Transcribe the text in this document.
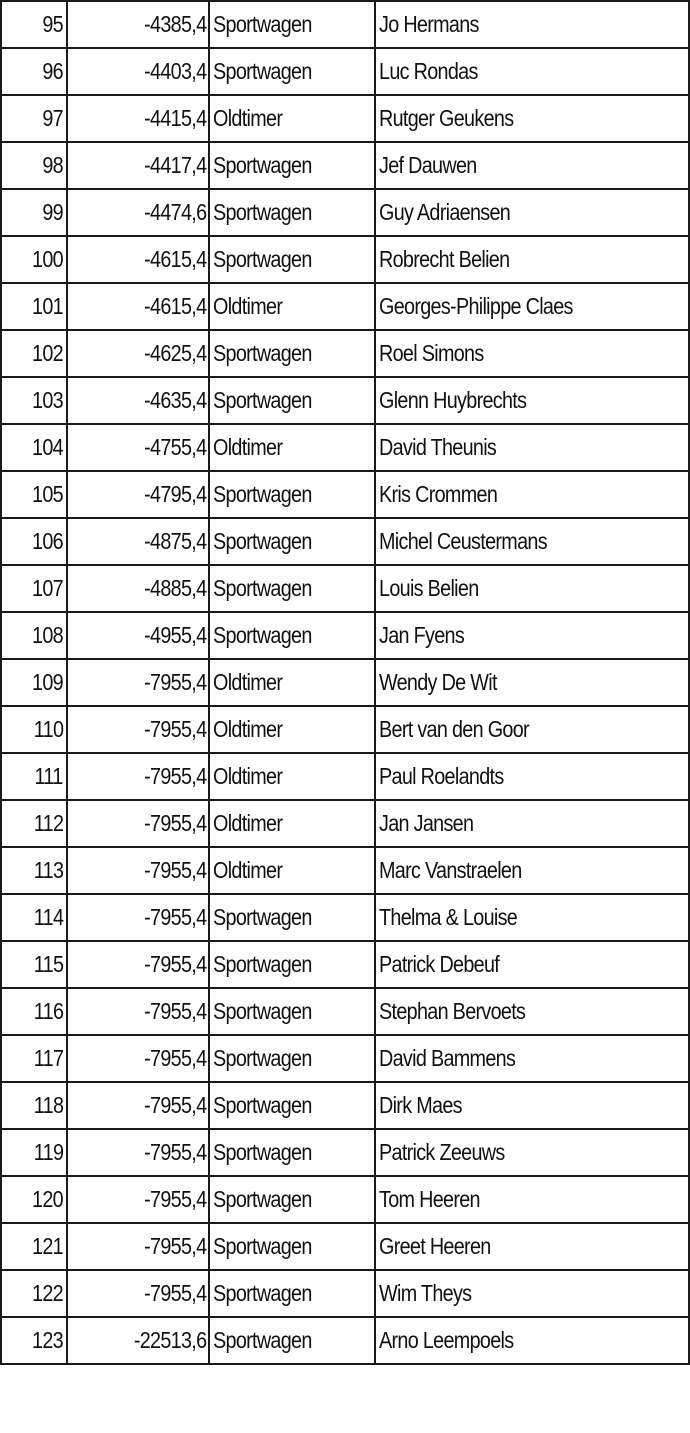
95	-4385,4	Sportwagen	Jo Hermans
96	-4403,4	Sportwagen	Luc Rondas
97	-4415,4	Oldtimer	Rutger Geukens
98	-4417,4	Sportwagen	Jef Dauwen
99	-4474,6	Sportwagen	Guy Adriaensen
100	-4615,4	Sportwagen	Robrecht Belien
101	-4615,4	Oldtimer	Georges-Philippe Claes
102	-4625,4	Sportwagen	Roel Simons
103	-4635,4	Sportwagen	Glenn Huybrechts
104	-4755,4	Oldtimer	David Theunis
105	-4795,4	Sportwagen	Kris Crommen
106	-4875,4	Sportwagen	Michel Ceustermans
107	-4885,4	Sportwagen	Louis Belien
108	-4955,4	Sportwagen	Jan Fyens
109	-7955,4	Oldtimer	Wendy De Wit
110	-7955,4	Oldtimer	Bert van den Goor
111	-7955,4	Oldtimer	Paul Roelandts
112	-7955,4	Oldtimer	Jan Jansen
113	-7955,4	Oldtimer	Marc Vanstraelen
114	-7955,4	Sportwagen	Thelma & Louise
115	-7955,4	Sportwagen	Patrick Debeuf
116	-7955,4	Sportwagen	Stephan Bervoets
117	-7955,4	Sportwagen	David Bammens
118	-7955,4	Sportwagen	Dirk Maes
119	-7955,4	Sportwagen	Patrick Zeeuws
120	-7955,4	Sportwagen	Tom Heeren
121	-7955,4	Sportwagen	Greet Heeren
122	-7955,4	Sportwagen	Wim Theys
123	-22513,6	Sportwagen	Arno Leempoels
